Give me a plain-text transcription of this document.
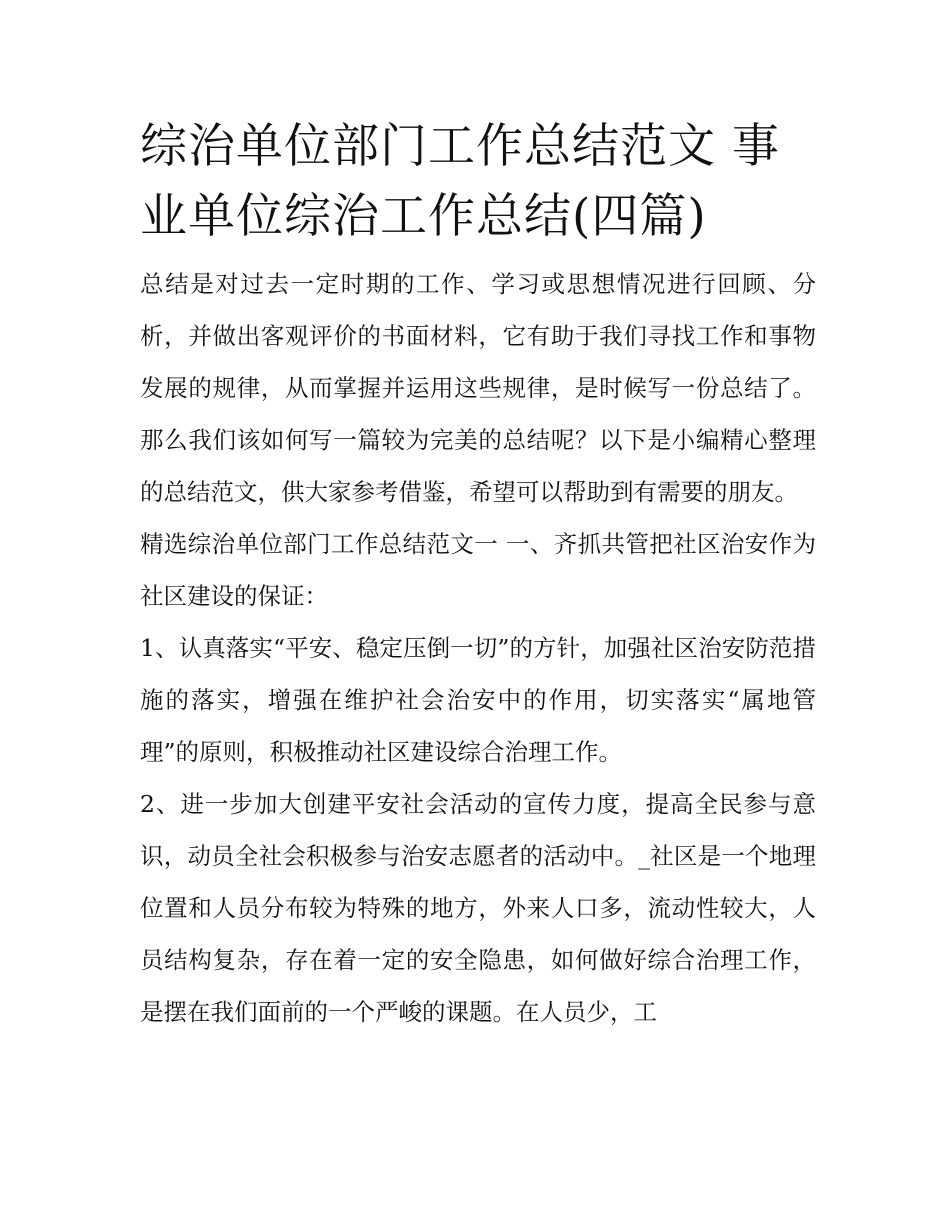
综治单位部门工作总结范文 事业单位综治工作总结(四篇)

总结是对过去一定时期的工作、学习或思想情况进行回顾、分析，并做出客观评价的书面材料，它有助于我们寻找工作和事物发展的规律，从而掌握并运用这些规律，是时候写一份总结了。那么我们该如何写一篇较为完美的总结呢？以下是小编精心整理的总结范文，供大家参考借鉴，希望可以帮助到有需要的朋友。

精选综治单位部门工作总结范文一 一、齐抓共管把社区治安作为社区建设的保证：

1、认真落实“平安、稳定压倒一切”的方针，加强社区治安防范措施的落实，增强在维护社会治安中的作用，切实落实“属地管理”的原则，积极推动社区建设综合治理工作。

2、进一步加大创建平安社会活动的宣传力度，提高全民参与意识，动员全社会积极参与治安志愿者的活动中。_社区是一个地理位置和人员分布较为特殊的地方，外来人口多，流动性较大，人员结构复杂，存在着一定的安全隐患，如何做好综合治理工作，是摆在我们面前的一个严峻的课题。在人员少，工
